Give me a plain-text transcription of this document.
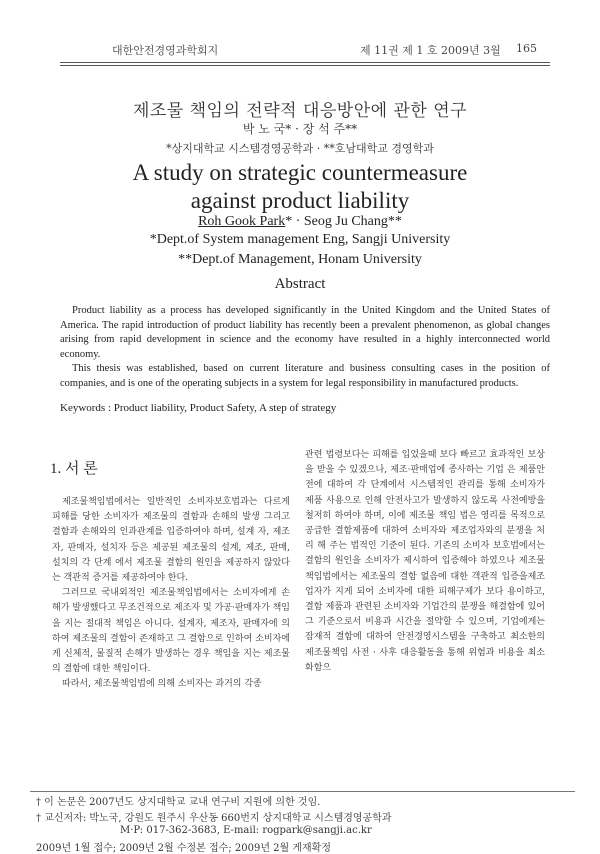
대한안전경영과학회지	제 11권 제 1 호 2009년 3월 165
제조물 책임의 전략적 대응방안에 관한 연구
박 노 국* · 장 석 주**
*상지대학교 시스템경영공학과 · **호남대학교 경영학과
A study on strategic countermeasure
against product liability
Roh Gook Park* · Seog Ju Chang**
*Dept.of System management Eng, Sangji University
**Dept.of Management, Honam University
Abstract

Product liability as a process has developed significantly in the United Kingdom and the United States of America. The rapid introduction of product liability has recently been a prevalent phenomenon, as global changes arising from rapid development in science and the economy have resulted in a highly interconnected world economy.

This thesis was established, based on current literature and business consulting cases in the position of companies, and is one of the operating subjects in a system for legal responsibility in manufactured products.

Keywords : Product liability, Product Safety, A step of strategy
1. 서 론

제조물책임법에서는 일반적인 소비자보호법과는 다르게 피해를 당한 소비자가 제조물의 결함과 손해의 발생 그리고 결함과 손해와의 인과관계를 입증하여야 하며, 설계 자, 제조자, 판매자, 설치자 등은 제공된 제조물의 설계, 제조, 판매, 설치의 각 단계 에서 제조물 결함의 원인을 제공하지 않았다는 객관적 증거를 제공하여야 한다.

그러므로 국내외적인 제조물책임법에서는 소비자에게 손해가 발생했다고 무조건적으로 제조자 및 가공·판매자가 책임을 지는 절대적 책임은 아니다. 설계자, 제조자, 판매자에 의하여 제조물의 결함이 존재하고 그 결함으로 인하여 소비자에게 신체적, 물질적 손해가 발생하는 경우 책임을 지는 제조물의 결함에 대한 책임이다.

따라서, 제조물책임법에 의해 소비자는 과거의 각종

관련 법령보다는 피해를 입었을때 보다 빠르고 효과적인 보상을 받을 수 있겠으나, 제조·판매업에 종사하는 기업 은 제품안전에 대하여 각 단계에서 시스템적인 관리를 통해 소비자가 제품 사용으로 인해 안전사고가 발생하지 않도록 사전예방을 철저히 하여야 하며, 이에 제조물 책임 법은 영리를 목적으로 공급한 결함제품에 대하여 소비자와 제조업자와의 분쟁을 처리 해 주는 법적인 기준이 된다. 기존의 소비자 보호법에서는 결함의 원인을 소비자가 제시하여 입증해야 하였으나 제조물책임법에서는 제조물의 결함 없음에 대한 객관적 입증을제조업자가 지게 되어 소비자에 대한 피해구제가 보다 용이하고, 결함 제품과 관련된 소비자와 기업간의 분쟁을 해결함에 있어 그 기준으로서 비용과 시간을 절약할 수 있으며, 기업에게는 잠재적 결함에 대하여 안전경영시스템을 구축하고 최소한의 제조물책임 사전 · 사후 대응활동을 통해 위험과 비용을 최소화함으

† 이 논문은 2007년도 상지대학교 교내 연구비 지원에 의한 것임.
† 교신저자: 박노국, 강원도 원주시 우산동 660번지 상지대학교 시스템경영공학과
M·P: 017-362-3683, E-mail: rogpark@sangji.ac.kr
2009년 1월 접수; 2009년 2월 수정본 접수; 2009년 2월 게재확정
